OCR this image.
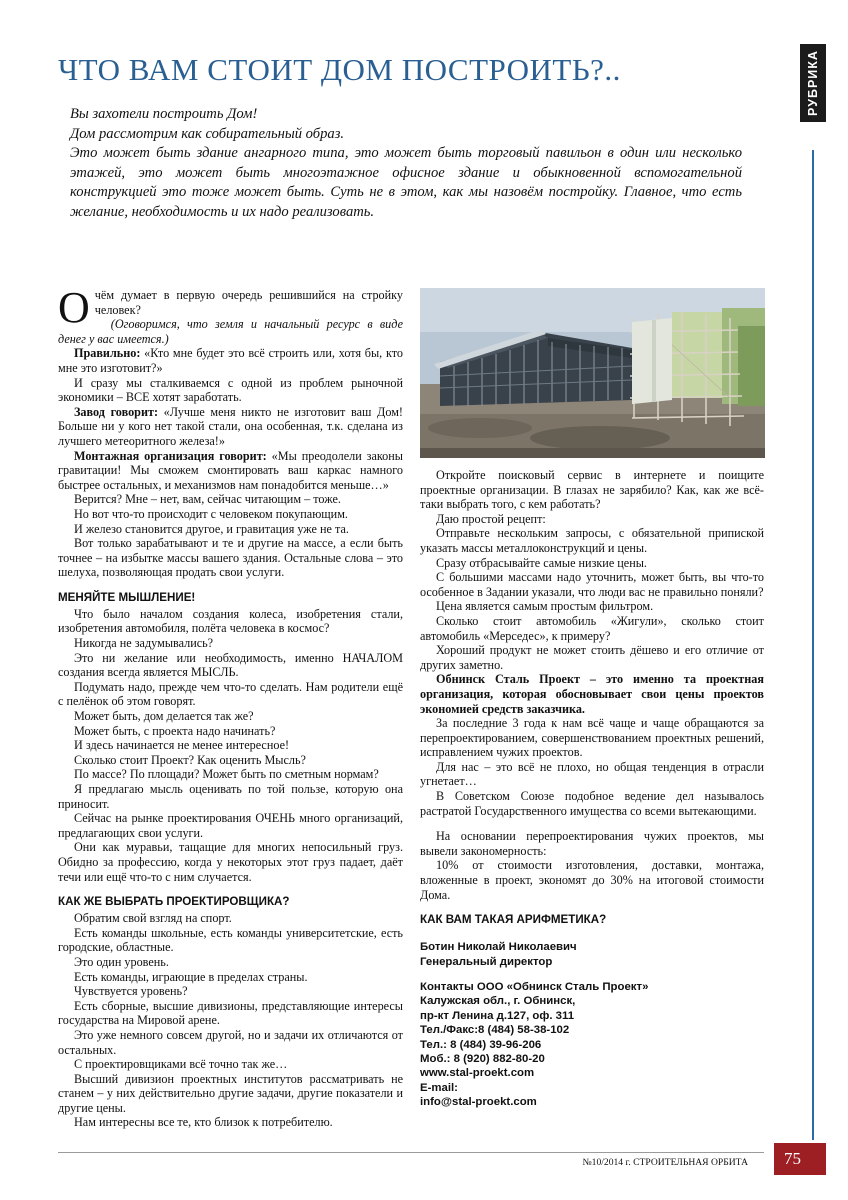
РУБРИКА
ЧТО ВАМ СТОИТ ДОМ ПОСТРОИТЬ?..
Вы захотели построить Дом!
Дом рассмотрим как собирательный образ.
Это может быть здание ангарного типа, это может быть торговый павильон в один или несколько этажей, это может быть многоэтажное офисное здание и обыкновенной вспомогательной конструкцией это тоже может быть. Суть не в этом, как мы назовём постройку. Главное, что есть желание, необходимость и их надо реализовать.

О чём думает в первую очередь решившийся на стройку человек?

(Оговоримся, что земля и начальный ресурс в виде денег у вас имеется.)

Правильно: «Кто мне будет это всё строить или, хотя бы, кто мне это изготовит?»

И сразу мы сталкиваемся с одной из проблем рыночной экономики – ВСЕ хотят заработать.

Завод говорит: «Лучше меня никто не изготовит ваш Дом! Больше ни у кого нет такой стали, она особенная, т.к. сделана из лучшего метеоритного железа!»

Монтажная организация говорит: «Мы преодолели законы гравитации! Мы сможем смонтировать ваш каркас намного быстрее остальных, и механизмов нам понадобится меньше…»

Верится? Мне – нет, вам, сейчас читающим – тоже.

Но вот что-то происходит с человеком покупающим.

И железо становится другое, и гравитация уже не та.

Вот только зарабатывают и те и другие на массе, а если быть точнее – на избытке массы вашего здания. Остальные слова – это шелуха, позволяющая продать свои услуги.

МЕНЯЙТЕ МЫШЛЕНИЕ!

Что было началом создания колеса, изобретения стали, изобретения автомобиля, полёта человека в космос?

Никогда не задумывались?

Это ни желание или необходимость, именно НАЧАЛОМ создания всегда является МЫСЛЬ.

Подумать надо, прежде чем что-то сделать. Нам родители ещё с пелёнок об этом говорят.

Может быть, дом делается так же?

Может быть, с проекта надо начинать?

И здесь начинается не менее интересное!

Сколько стоит Проект? Как оценить Мысль?

По массе? По площади? Может быть по сметным нормам?

Я предлагаю мысль оценивать по той пользе, которую она приносит.

Сейчас на рынке проектирования ОЧЕНЬ много организаций, предлагающих свои услуги.

Они как муравьи, тащащие для многих непосильный груз. Обидно за профессию, когда у некоторых этот груз падает, даёт течи или ещё что-то с ним случается.

КАК ЖЕ ВЫБРАТЬ ПРОЕКТИРОВЩИКА?

Обратим свой взгляд на спорт.

Есть команды школьные, есть команды университетские, есть городские, областные.

Это один уровень.

Есть команды, играющие в пределах страны.

Чувствуется уровень?

Есть сборные, высшие дивизионы, представляющие интересы государства на Мировой арене.

Это уже немного совсем другой, но и задачи их отличаются от остальных.

С проектировщиками всё точно так же…

Высший дивизион проектных институтов рассматривать не станем – у них действительно другие задачи, другие показатели и другие цены.

Нам интересны все те, кто близок к потребителю.

Откройте поисковый сервис в интернете и поищите проектные организации. В глазах не зарябило? Как, как же всё-таки выбрать того, с кем работать?

Даю простой рецепт:

Отправьте нескольким запросы, с обязательной припиской указать массы металлоконструкций и цены.

Сразу отбрасывайте самые низкие цены.

С большими массами надо уточнить, может быть, вы что-то особенное в Задании указали, что люди вас не правильно поняли?

Цена является самым простым фильтром.

Сколько стоит автомобиль «Жигули», сколько стоит автомобиль «Мерседес», к примеру?

Хороший продукт не может стоить дёшево и его отличие от других заметно.

Обнинск Сталь Проект – это именно та проектная организация, которая обосновывает свои цены проектов экономией средств заказчика.

За последние 3 года к нам всё чаще и чаще обращаются за перепроектированием, совершенствованием проектных решений, исправлением чужих проектов.

Для нас – это всё не плохо, но общая тенденция в отрасли угнетает…

В Советском Союзе подобное ведение дел называлось растратой Государственного имущества со всеми вытекающими.

На основании перепроектирования чужих проектов, мы вывели закономерность:

10% от стоимости изготовления, доставки, монтажа, вложенные в проект, экономят до 30% на итоговой стоимости Дома.

КАК ВАМ ТАКАЯ АРИФМЕТИКА?

Ботин Николай Николаевич

Генеральный директор

Контакты ООО «Обнинск Сталь Проект»

Калужская обл., г. Обнинск,

пр-кт Ленина д.127, оф. 311

Тел./Факс:8 (484) 58-38-102

Тел.: 8 (484) 39-96-206

Моб.: 8 (920) 882-80-20

www.stal-proekt.com

E-mail:

info@stal-proekt.com

№10/2014 г. СТРОИТЕЛЬНАЯ ОРБИТА 75
